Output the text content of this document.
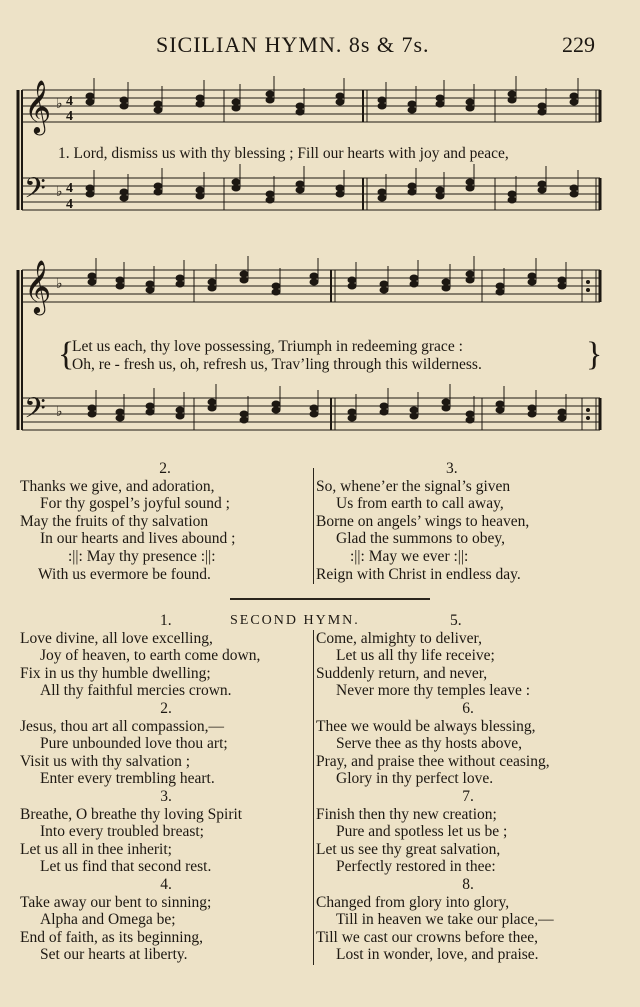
SICILIAN HYMN. 8s & 7s.	229
𝄞
𝄢
♭
♭
4
4
4
4
1. Lord, dismiss us with thy blessing ; Fill our hearts with joy and peace,
𝄞
𝄢
♭
♭
{	}
Let us each, thy love possessing, Triumph in redeeming grace :
Oh, re - fresh us, oh, refresh us, Trav’ling through this wilderness.
2.
Thanks we give, and adoration,
For thy gospel’s joyful sound ;
May the fruits of thy salvation
In our hearts and lives abound ;
:||: May thy presence :||:
With us evermore be found.
3.
So, whene’er the signal’s given
Us from earth to call away,
Borne on angels’ wings to heaven,
Glad the summons to obey,
:||: May we ever :||:
Reign with Christ in endless day.
1.	SECOND HYMN.
Love divine, all love excelling,
Joy of heaven, to earth come down,
Fix in us thy humble dwelling;
All thy faithful mercies crown.
2.
Jesus, thou art all compassion,—
Pure unbounded love thou art;
Visit us with thy salvation ;
Enter every trembling heart.
3.
Breathe, O breathe thy loving Spirit
Into every troubled breast;
Let us all in thee inherit;
Let us find that second rest.
4.
Take away our bent to sinning;
Alpha and Omega be;
End of faith, as its beginning,
Set our hearts at liberty.
5.
Come, almighty to deliver,
Let us all thy life receive;
Suddenly return, and never,
Never more thy temples leave :
6.
Thee we would be always blessing,
Serve thee as thy hosts above,
Pray, and praise thee without ceasing,
Glory in thy perfect love.
7.
Finish then thy new creation;
Pure and spotless let us be ;
Let us see thy great salvation,
Perfectly restored in thee:
8.
Changed from glory into glory,
Till in heaven we take our place,—
Till we cast our crowns before thee,
Lost in wonder, love, and praise.
